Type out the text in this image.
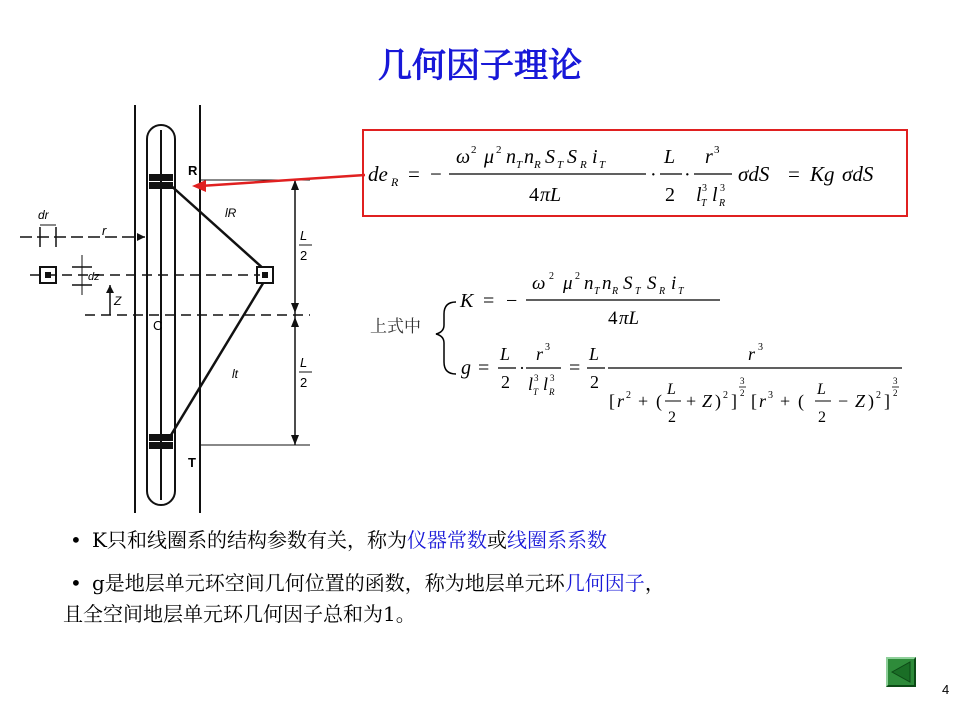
几何因子理论
R
T
C
lR
lt
dr
r
dz
Z
L
2
L
2
de R = −
ω 2 μ 2 n T n R S T S R i T
4 πL
·
L
2
·
r 3
l 3
T l 3
R
σdS = Kg σdS
上式中
K = −
ω 2 μ 2 n T n R S T S R i T
4 πL
g =
L
2
·
r 3
l 3
T l 3
R
=
L
2
r 3
[ r 2 + (
L
2
+ Z ) 2 ]
3
2 [ r 3 + (
L
2
− Z ) 2 ]
3
2
• K只和线圈系的结构参数有关，称为仪器常数或线圈系系数
• g是地层单元环空间几何位置的函数，称为地层单元环几何因子，
且全空间地层单元环几何因子总和为1。
4
